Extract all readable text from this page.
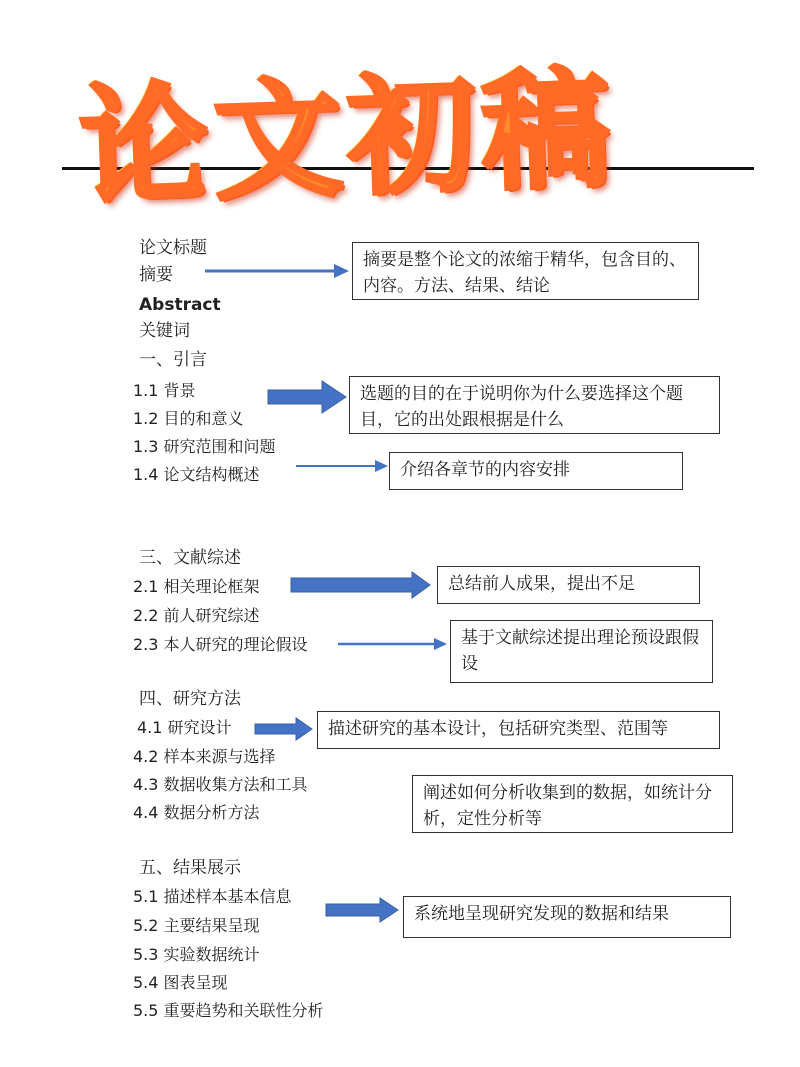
论文初稿
论文标题
摘要
Abstract
关键词
一、引言
1.1 背景
1.2 目的和意义
1.3 研究范围和问题
1.4 论文结构概述
三、文献综述
2.1 相关理论框架
2.2 前人研究综述
2.3 本人研究的理论假设
四、研究方法
4.1 研究设计
4.2 样本来源与选择
4.3 数据收集方法和工具
4.4 数据分析方法
五、结果展示
5.1 描述样本基本信息
5.2 主要结果呈现
5.3 实验数据统计
5.4 图表呈现
5.5 重要趋势和关联性分析
摘要是整个论文的浓缩于精华，包含目的、内容。方法、结果、结论
选题的目的在于说明你为什么要选择这个题目，它的出处跟根据是什么
介绍各章节的内容安排
总结前人成果，提出不足
基于文献综述提出理论预设跟假设
描述研究的基本设计，包括研究类型、范围等
阐述如何分析收集到的数据，如统计分析，定性分析等
系统地呈现研究发现的数据和结果
